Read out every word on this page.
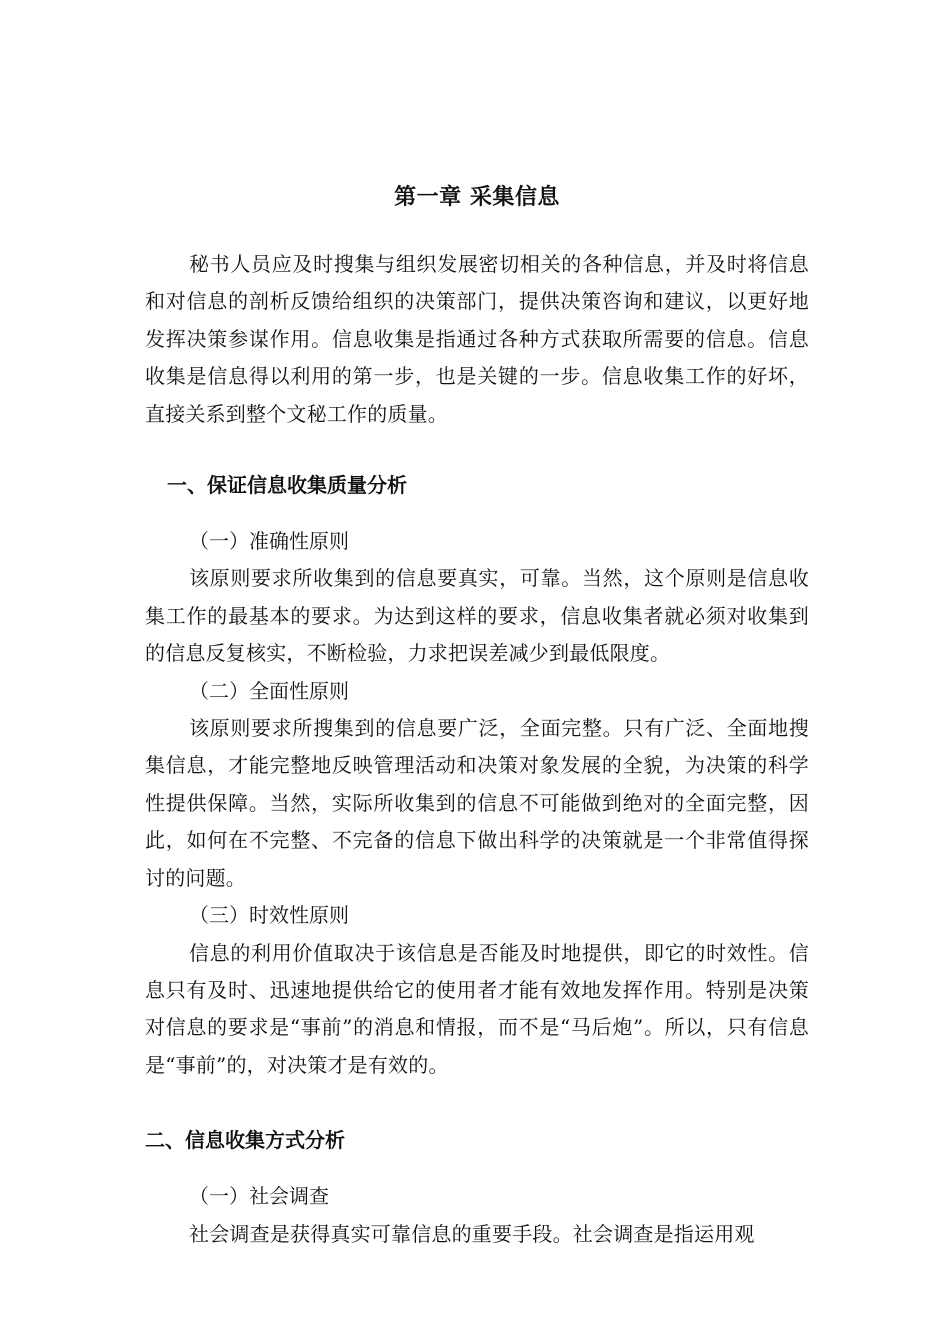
第一章 采集信息

秘书人员应及时搜集与组织发展密切相关的各种信息，并及时将信息和对信息的剖析反馈给组织的决策部门，提供决策咨询和建议，以更好地发挥决策参谋作用。信息收集是指通过各种方式获取所需要的信息。信息收集是信息得以利用的第一步，也是关键的一步。信息收集工作的好坏，直接关系到整个文秘工作的质量。

一、保证信息收集质量分析
（一）准确性原则

该原则要求所收集到的信息要真实，可靠。当然，这个原则是信息收集工作的最基本的要求。为达到这样的要求，信息收集者就必须对收集到的信息反复核实，不断检验，力求把误差减少到最低限度。

（二）全面性原则

该原则要求所搜集到的信息要广泛，全面完整。只有广泛、全面地搜集信息，才能完整地反映管理活动和决策对象发展的全貌，为决策的科学性提供保障。当然，实际所收集到的信息不可能做到绝对的全面完整，因此，如何在不完整、不完备的信息下做出科学的决策就是一个非常值得探讨的问题。

（三）时效性原则

信息的利用价值取决于该信息是否能及时地提供，即它的时效性。信息只有及时、迅速地提供给它的使用者才能有效地发挥作用。特别是决策对信息的要求是“事前”的消息和情报，而不是“马后炮”。所以，只有信息是“事前”的，对决策才是有效的。

二、信息收集方式分析
（一）社会调查

社会调查是获得真实可靠信息的重要手段。社会调查是指运用观
